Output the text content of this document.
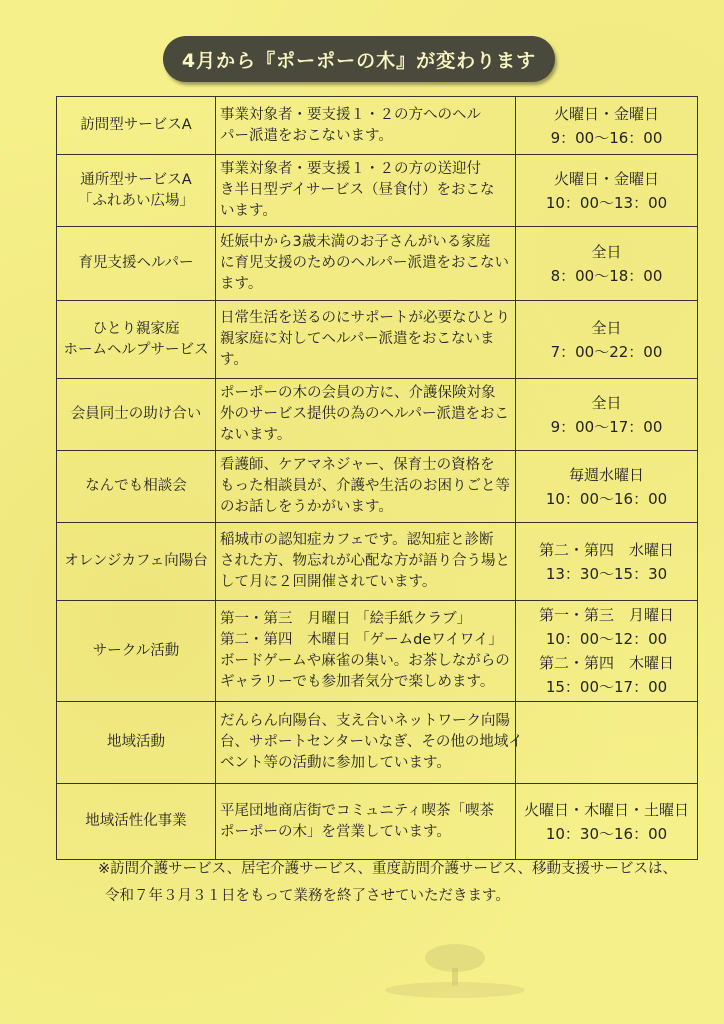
4月から『ポーポーの木』が変わります
訪問型サービスA	事業対象者・要支援１・２の方へのヘル
パー派遣をおこないます。	火曜日・金曜日
9：00〜16：00

通所型サービスA
「ふれあい広場」	事業対象者・要支援１・２の方の送迎付
き半日型デイサービス（昼食付）をおこな
います。	火曜日・金曜日
10：00〜13：00

育児支援ヘルパー	妊娠中から3歳未満のお子さんがいる家庭
に育児支援のためのヘルパー派遣をおこない
ます。	全日
8：00〜18：00

ひとり親家庭
ホームヘルプサービス	日常生活を送るのにサポートが必要なひとり
親家庭に対してヘルパー派遣をおこないま
す。	全日
7：00〜22：00

会員同士の助け合い	ポーポーの木の会員の方に、介護保険対象
外のサービス提供の為のヘルパー派遣をおこ
ないます。	全日
9：00〜17：00

なんでも相談会	看護師、ケアマネジャー、保育士の資格を
もった相談員が、介護や生活のお困りごと等
のお話しをうかがいます。	毎週水曜日
10：00〜16：00

オレンジカフェ向陽台	稲城市の認知症カフェです。認知症と診断
された方、物忘れが心配な方が語り合う場と
して月に２回開催されています。	第二・第四　水曜日
13：30〜15：30

サークル活動	第一・第三　月曜日 「絵手紙クラブ」
第二・第四　木曜日 「ゲームdeワイワイ」
ボードゲームや麻雀の集い。お茶しながらの
ギャラリーでも参加者気分で楽しめます。	第一・第三　月曜日
10：00〜12：00
第二・第四　木曜日
15：00〜17：00

地域活動	だんらん向陽台、支え合いネットワーク向陽
台、サポートセンターいなぎ、その他の地域イ
ベント等の活動に参加しています。	

地域活性化事業	平尾団地商店街でコミュニティ喫茶「喫茶
ポーポーの木」を営業しています。	火曜日・木曜日・土曜日
10：30〜16：00
※訪問介護サービス、居宅介護サービス、重度訪問介護サービス、移動支援サービスは、
令和７年３月３１日をもって業務を終了させていただきます。
